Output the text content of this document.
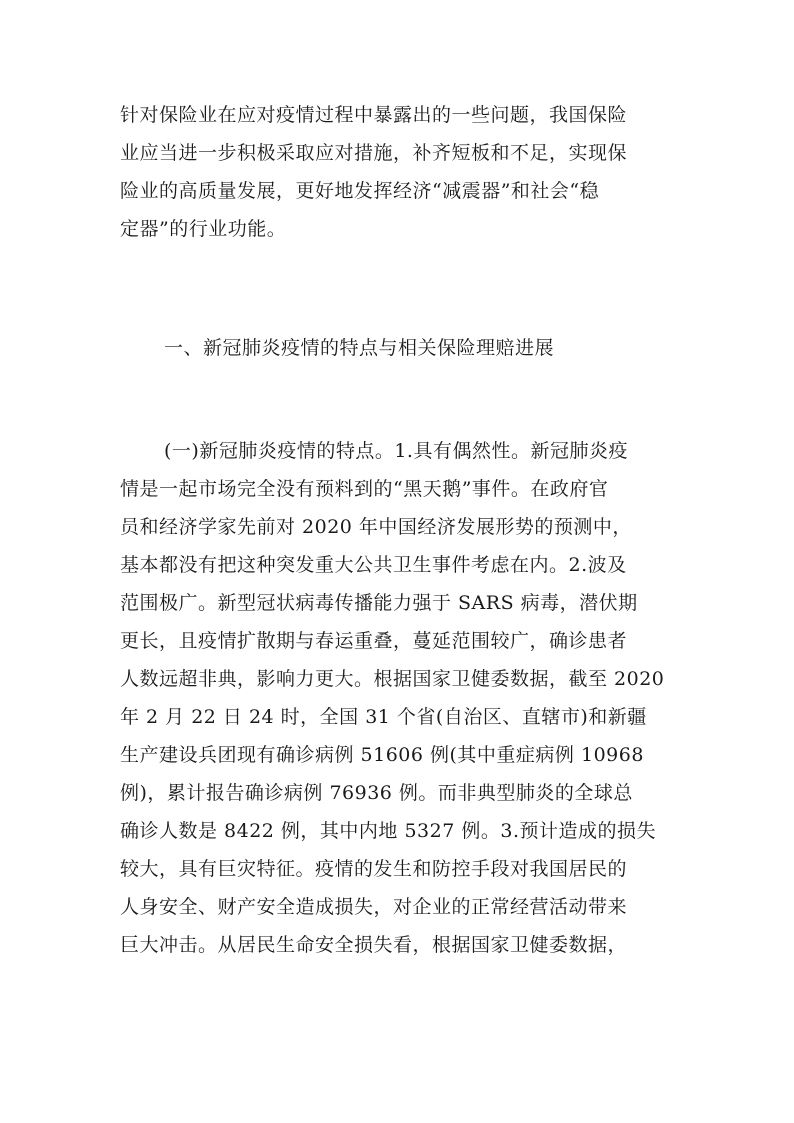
针对保险业在应对疫情过程中暴露出的一些问题，我国保险
业应当进一步积极采取应对措施，补齐短板和不足，实现保
险业的高质量发展，更好地发挥经济“减震器”和社会“稳
定器”的行业功能。
一、新冠肺炎疫情的特点与相关保险理赔进展
(一)新冠肺炎疫情的特点。1.具有偶然性。新冠肺炎疫
情是一起市场完全没有预料到的“黑天鹅”事件。在政府官
员和经济学家先前对 2020 年中国经济发展形势的预测中，
基本都没有把这种突发重大公共卫生事件考虑在内。2.波及
范围极广。新型冠状病毒传播能力强于 SARS 病毒，潜伏期
更长，且疫情扩散期与春运重叠，蔓延范围较广，确诊患者
人数远超非典，影响力更大。根据国家卫健委数据，截至 2020
年 2 月 22 日 24 时，全国 31 个省(自治区、直辖市)和新疆
生产建设兵团现有确诊病例 51606 例(其中重症病例 10968
例)，累计报告确诊病例 76936 例。而非典型肺炎的全球总
确诊人数是 8422 例，其中内地 5327 例。3.预计造成的损失
较大，具有巨灾特征。疫情的发生和防控手段对我国居民的
人身安全、财产安全造成损失，对企业的正常经营活动带来
巨大冲击。从居民生命安全损失看，根据国家卫健委数据，
